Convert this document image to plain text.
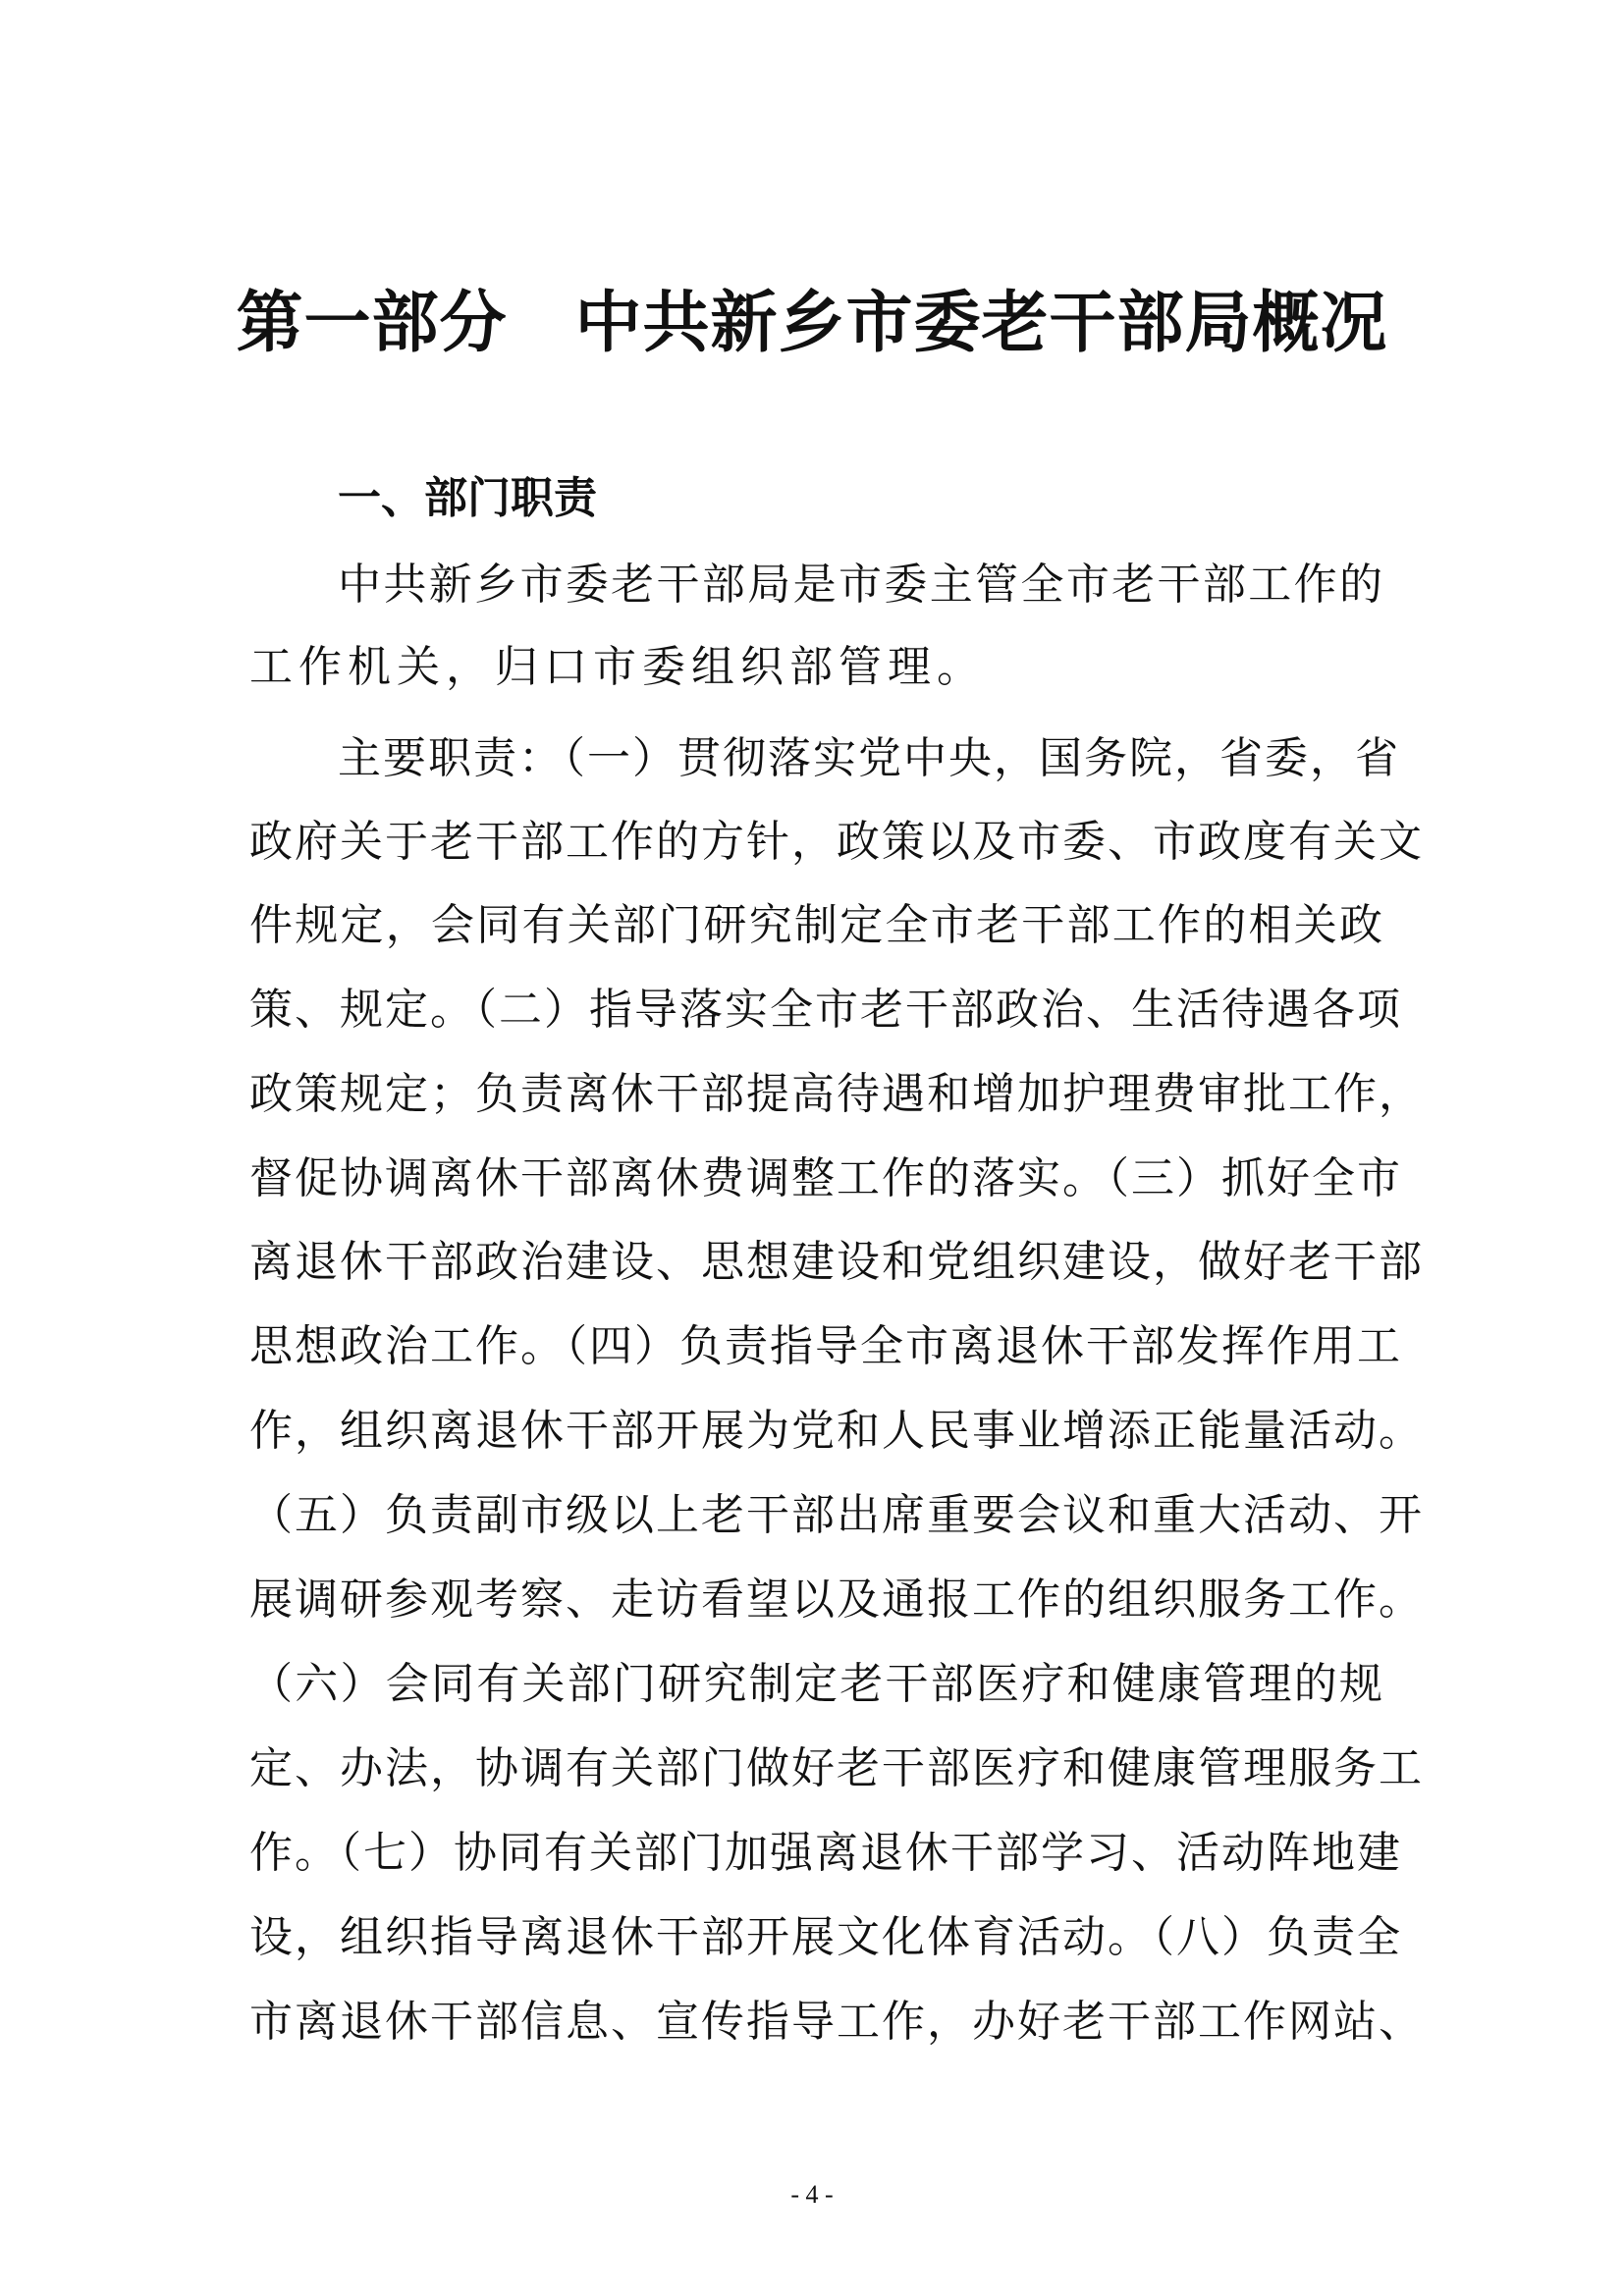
第一部分　中共新乡市委老干部局概况
一、部门职责
中共新乡市委老干部局是市委主管全市老干部工作的
工作机关，归口市委组织部管理。
主要职责：（一）贯彻落实党中央，国务院，省委，省
政府关于老干部工作的方针，政策以及市委、市政度有关文
件规定，会同有关部门研究制定全市老干部工作的相关政
策、规定。（二）指导落实全市老干部政治、生活待遇各项
政策规定；负责离休干部提高待遇和增加护理费审批工作，
督促协调离休干部离休费调整工作的落实。（三）抓好全市
离退休干部政治建设、思想建设和党组织建设，做好老干部
思想政治工作。（四）负责指导全市离退休干部发挥作用工
作，组织离退休干部开展为党和人民事业增添正能量活动。
（五）负责副市级以上老干部出席重要会议和重大活动、开
展调研参观考察、走访看望以及通报工作的组织服务工作。
（六）会同有关部门研究制定老干部医疗和健康管理的规
定、办法，协调有关部门做好老干部医疗和健康管理服务工
作。（七）协同有关部门加强离退休干部学习、活动阵地建
设，组织指导离退休干部开展文化体育活动。（八）负责全
市离退休干部信息、宣传指导工作，办好老干部工作网站、
- 4 -
